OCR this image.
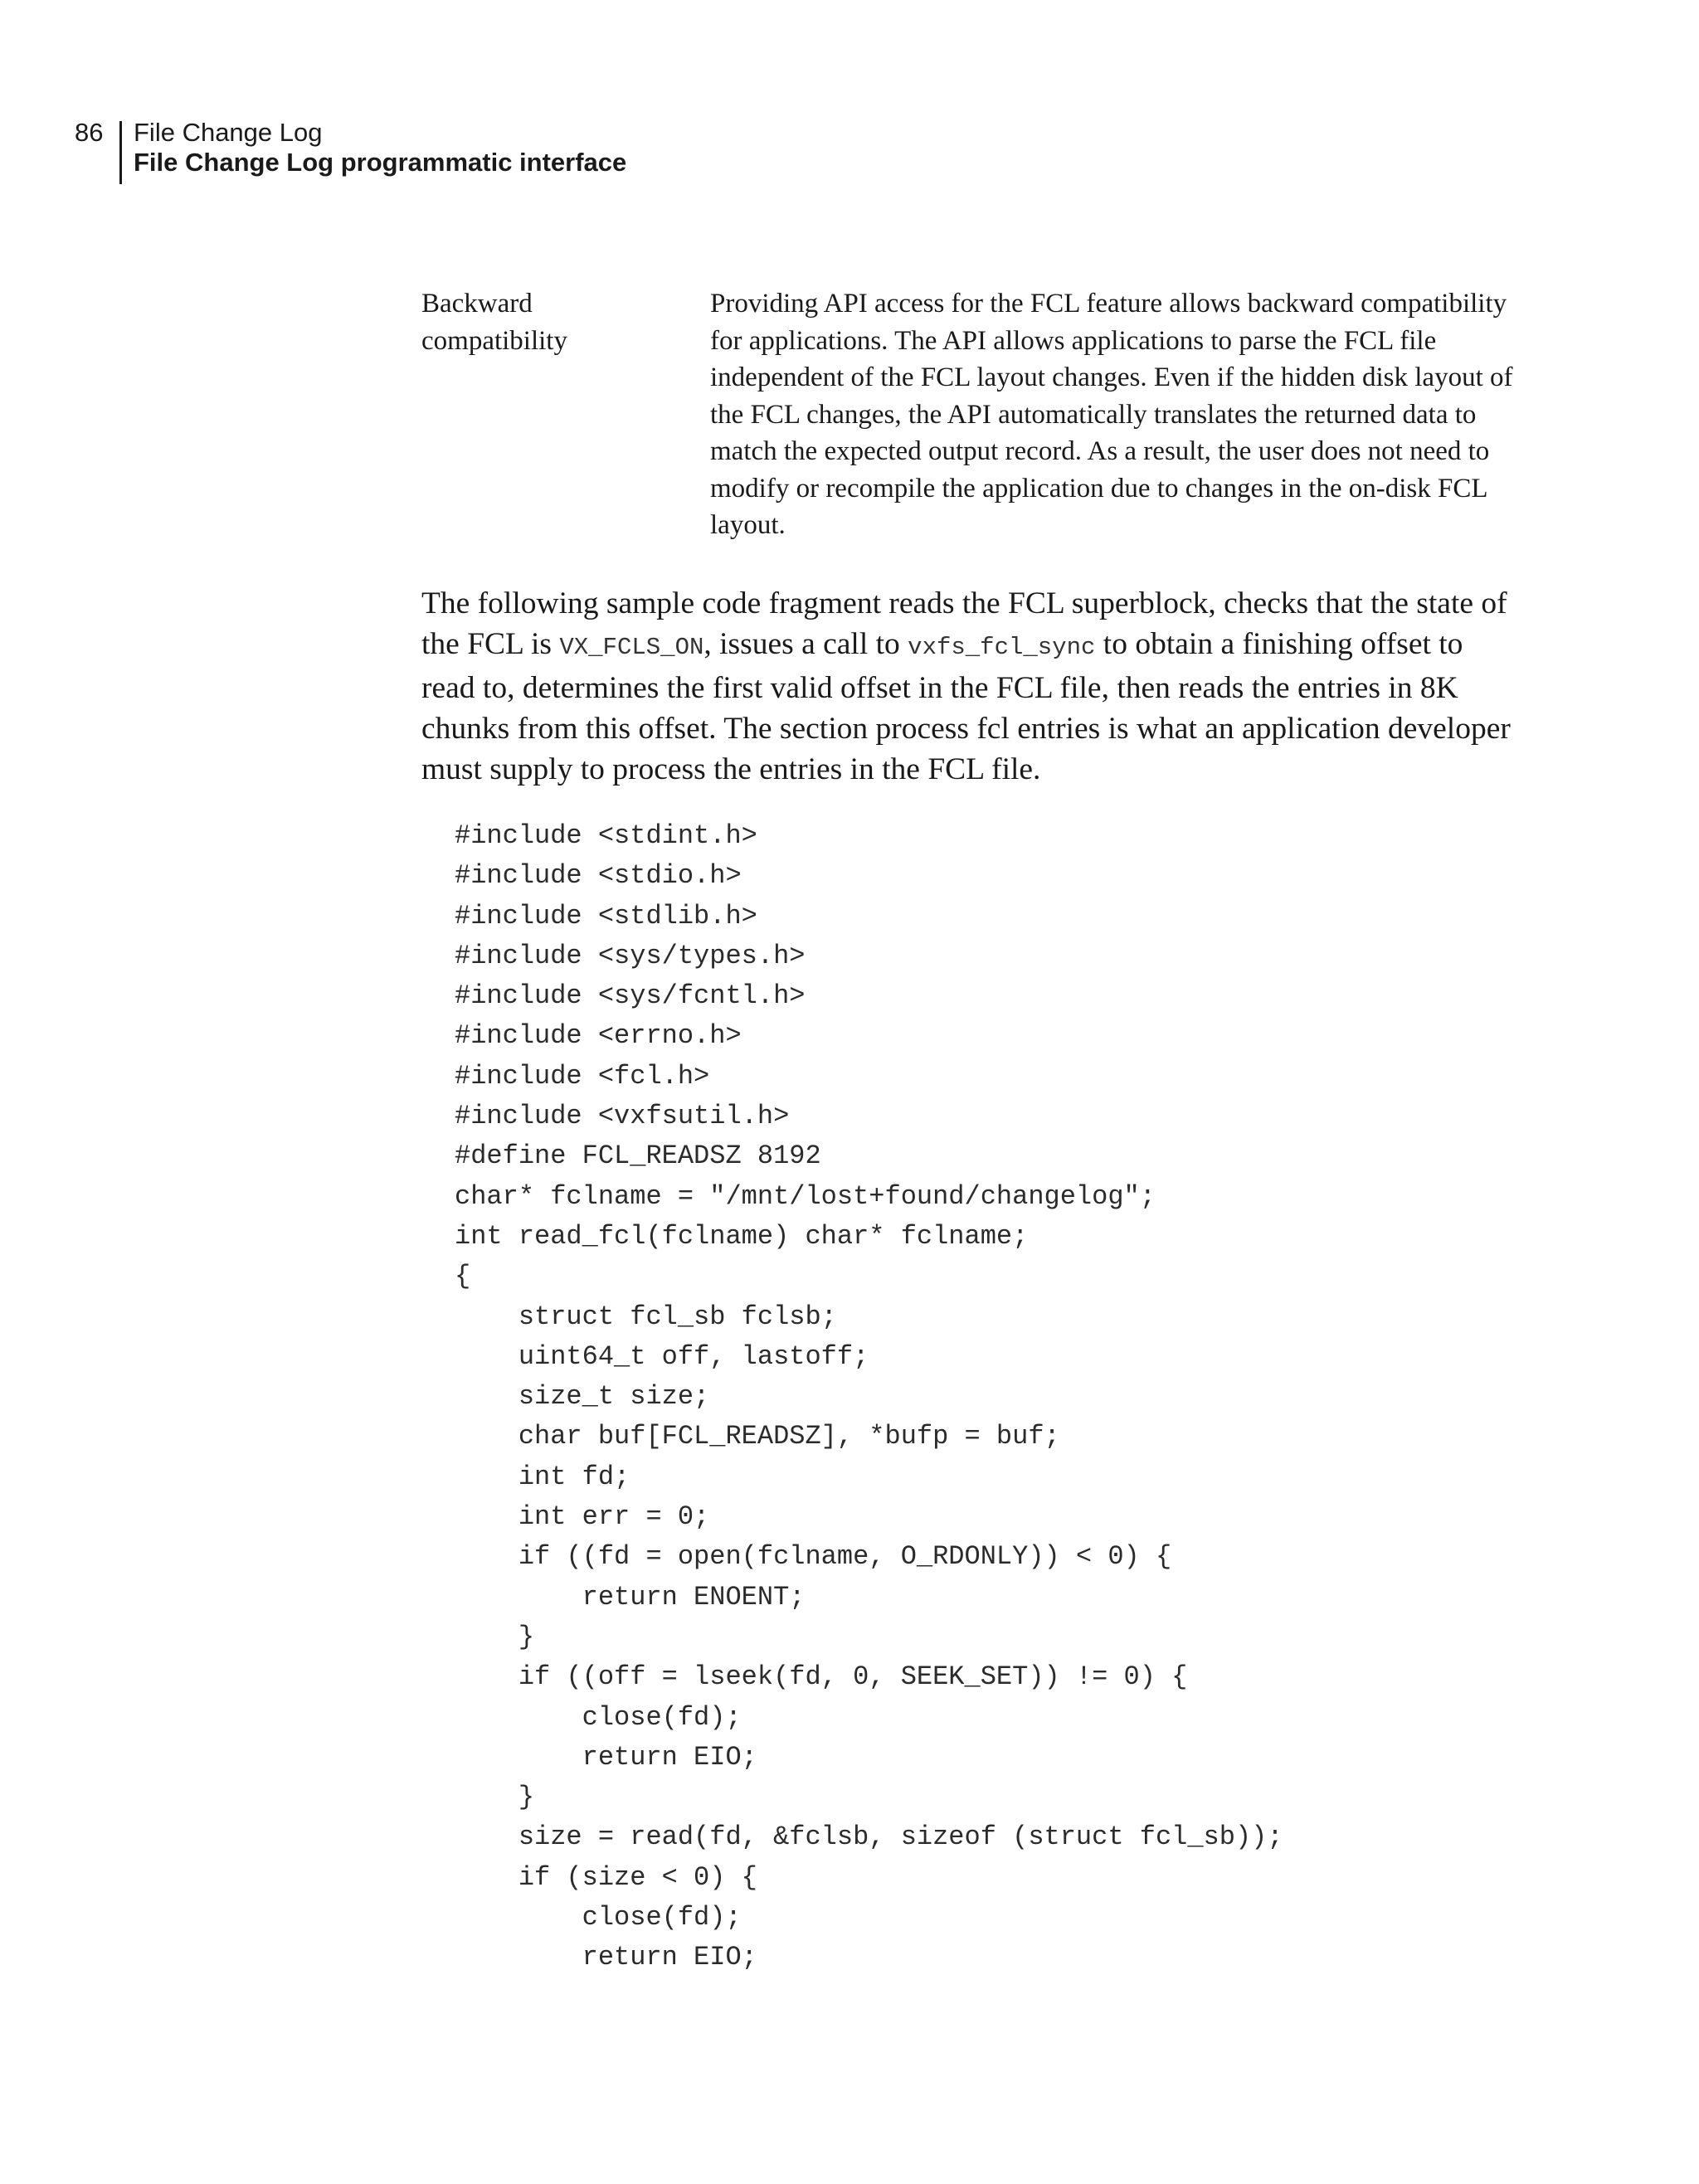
86 File Change Log
File Change Log programmatic interface
Backward
compatibility
Providing API access for the FCL feature allows backward compatibility for applications. The API allows applications to parse the FCL file independent of the FCL layout changes. Even if the hidden disk layout of the FCL changes, the API automatically translates the returned data to match the expected output record. As a result, the user does not need to modify or recompile the application due to changes in the on-disk FCL layout.
The following sample code fragment reads the FCL superblock, checks that the state of the FCL is VX_FCLS_ON, issues a call to vxfs_fcl_sync to obtain a finishing offset to read to, determines the first valid offset in the FCL file, then reads the entries in 8K chunks from this offset. The section process fcl entries is what an application developer must supply to process the entries in the FCL file.
#include <stdint.h>
#include <stdio.h>
#include <stdlib.h>
#include <sys/types.h>
#include <sys/fcntl.h>
#include <errno.h>
#include <fcl.h>
#include <vxfsutil.h>
#define FCL_READSZ 8192
char* fclname = "/mnt/lost+found/changelog";
int read_fcl(fclname) char* fclname;
{
struct fcl_sb fclsb;
uint64_t off, lastoff;
size_t size;
char buf[FCL_READSZ], *bufp = buf;
int fd;
int err = 0;
if ((fd = open(fclname, O_RDONLY)) < 0) {
return ENOENT;
}
if ((off = lseek(fd, 0, SEEK_SET)) != 0) {
close(fd);
return EIO;
}
size = read(fd, &fclsb, sizeof (struct fcl_sb));
if (size < 0) {
close(fd);
return EIO;
